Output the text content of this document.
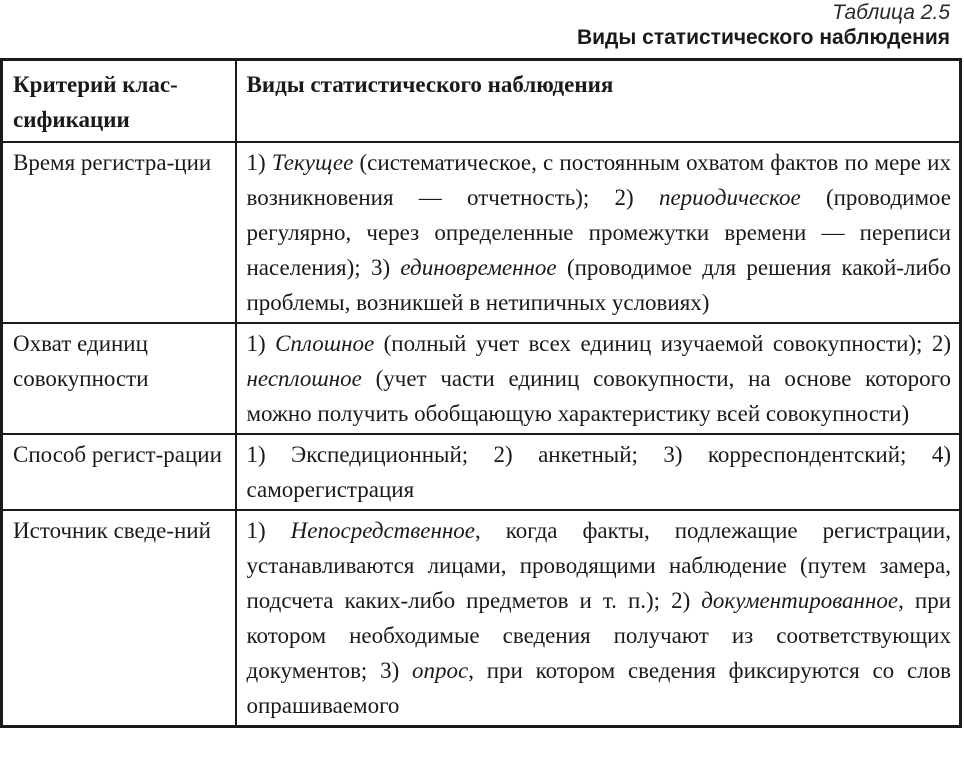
Таблица 2.5
Виды статистического наблюдения
Критерий клас-сификации	Виды статистического наблюдения
Время регистра-ции	1) Текущее (систематическое, с постоянным охватом фактов по мере их возникновения — отчетность); 2) периодическое (проводимое регулярно, через определенные промежутки времени — переписи населения); 3) единовременное (проводимое для решения какой-либо проблемы, возникшей в нетипичных условиях)
Охват единиц совокупности	1) Сплошное (полный учет всех единиц изучаемой совокупности); 2) несплошное (учет части единиц совокупности, на основе которого можно получить обобщающую характеристику всей совокупности)
Способ регист-рации	1) Экспедиционный; 2) анкетный; 3) корреспондентский; 4) саморегистрация
Источник сведе-ний	1) Непосредственное, когда факты, подлежащие регистрации, устанавливаются лицами, проводящими наблюдение (путем замера, подсчета каких-либо предметов и т. п.); 2) документированное, при котором необходимые сведения получают из соответствующих документов; 3) опрос, при котором сведения фиксируются со слов опрашиваемого
